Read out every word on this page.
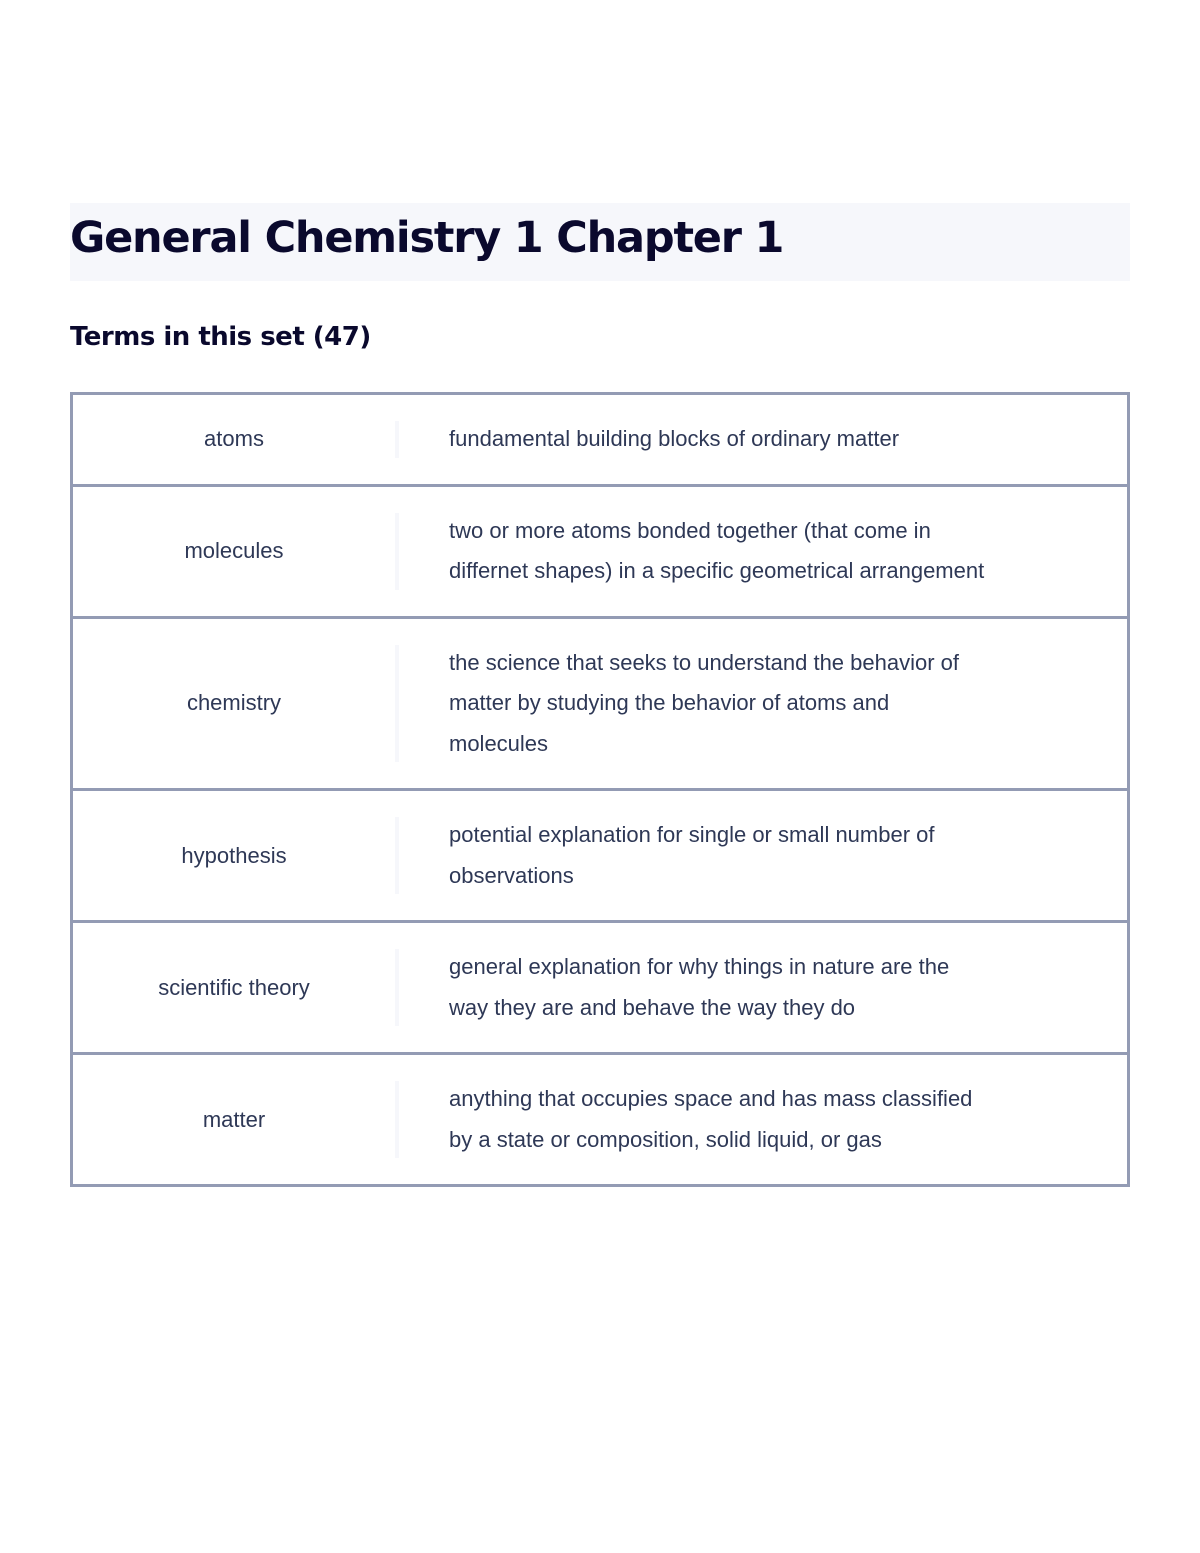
General Chemistry 1 Chapter 1
Terms in this set (47)
atoms	fundamental building blocks of ordinary matter
molecules
two or more atoms bonded together (that come in differnet shapes) in a specific geometrical arrangement
chemistry
the science that seeks to understand the behavior of matter by studying the behavior of atoms and molecules
hypothesis
potential explanation for single or small number of observations
scientific theory
general explanation for why things in nature are the way they are and behave the way they do
matter
anything that occupies space and has mass classified by a state or composition, solid liquid, or gas
